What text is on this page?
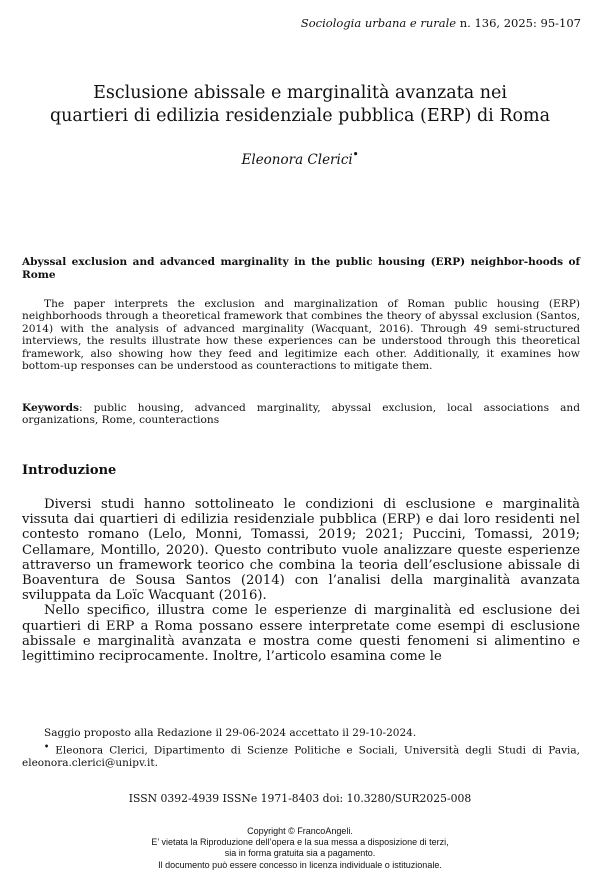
Sociologia urbana e rurale n. 136, 2025: 95-107
Esclusione abissale e marginalità avanzata nei
quartieri di edilizia residenziale pubblica (ERP) di Roma
Eleonora Clerici•
Abyssal exclusion and advanced marginality in the public housing (ERP) neighbor-hoods of Rome

The paper interprets the exclusion and marginalization of Roman public housing (ERP) neighborhoods through a theoretical framework that combines the theory of abyssal exclusion (Santos, 2014) with the analysis of advanced marginality (Wacquant, 2016). Through 49 semi-structured interviews, the results illustrate how these experiences can be understood through this theoretical framework, also showing how they feed and legitimize each other. Additionally, it examines how bottom-up responses can be understood as counteractions to mitigate them.

Keywords: public housing, advanced marginality, abyssal exclusion, local associations and organizations, Rome, counteractions

Introduzione

Diversi studi hanno sottolineato le condizioni di esclusione e marginalità vissuta dai quartieri di edilizia residenziale pubblica (ERP) e dai loro residenti nel contesto romano (Lelo, Monni, Tomassi, 2019; 2021; Puccini, Tomassi, 2019; Cellamare, Montillo, 2020). Questo contributo vuole analizzare queste esperienze attraverso un framework teorico che combina la teoria dell’esclusione abissale di Boaventura de Sousa Santos (2014) con l’analisi della marginalità avanzata sviluppata da Loïc Wacquant (2016).

Nello specifico, illustra come le esperienze di marginalità ed esclusione dei quartieri di ERP a Roma possano essere interpretate come esempi di esclusione abissale e marginalità avanzata e mostra come questi fenomeni si alimentino e legittimino reciprocamente. Inoltre, l’articolo esamina come le

Saggio proposto alla Redazione il 29-06-2024 accettato il 29-10-2024.

• Eleonora Clerici, Dipartimento di Scienze Politiche e Sociali, Università degli Studi di Pavia, eleonora.clerici@unipv.it.

ISSN 0392-4939 ISSNe 1971-8403 doi: 10.3280/SUR2025-008
Copyright © FrancoAngeli.
E’ vietata la Riproduzione dell’opera e la sua messa a disposizione di terzi,
sia in forma gratuita sia a pagamento.
Il documento può essere concesso in licenza individuale o istituzionale.
